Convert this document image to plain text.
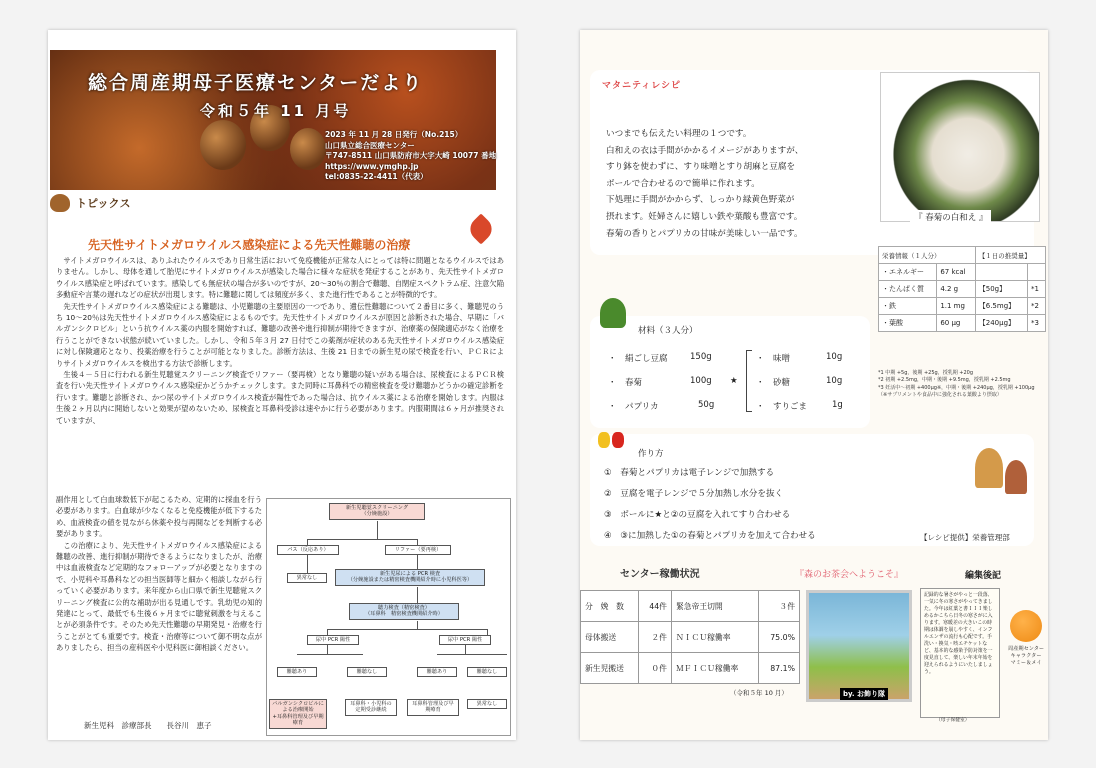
総合周産期母子医療センターだより
令和５年 11 月号
2023 年 11 月 28 日発行（No.215）
山口県立総合医療センター
〒747-8511 山口県防府市大字大崎 10077 番地
https://www.ymghp.jp
tel:0835-22-4411（代表）
トピックス
先天性サイトメガロウイルス感染症による先天性難聴の治療

　サイトメガロウイルスは、ありふれたウイルスであり日常生活において免疫機能が正常な人にとっては特に問題となるウイルスではありません。しかし、母体を通して胎児にサイトメガロウイルスが感染した場合に様々な症状を発症することがあり、先天性サイトメガロウイルス感染症と呼ばれています。感染しても無症状の場合が多いのですが、20～30％の割合で難聴、自閉症スペクトラム症、注意欠陥多動症や言葉の遅れなどの症状が出現します。特に難聴に関しては頻度が多く、また進行性であることが特徴的です。

　先天性サイトメガロウイルス感染症による難聴は、小児難聴の主要原因の一つであり、遺伝性難聴について２番目に多く、難聴児のうち 10～20％は先天性サイトメガロウイルス感染症によるものです。先天性サイトメガロウイルスが原因と診断された場合、早期に「バルガンシクロビル」という抗ウイルス薬の内服を開始すれば、難聴の改善や進行抑制が期待できますが、治療薬の保険適応がなく治療を行うことができない状態が続いていました。しかし、令和５年３月 27 日付でこの薬剤が症状のある先天性サイトメガロウイルス感染症に対し保険適応となり、投薬治療を行うことが可能となりました。診断方法は、生後 21 日までの新生児の尿で検査を行い、ＰＣＲによりサイトメガロウイルスを検出する方法で診断します。

　生後４－５日に行われる新生児聴覚スクリーニング検査でリファー（要再検）となり難聴の疑いがある場合は、尿検査によるＰＣＲ検査を行い先天性サイトメガロウイルス感染症かどうかチェックします。また同時に耳鼻科での精密検査を受け難聴かどうかの確定診断を行います。難聴と診断され、かつ尿のサイトメガロウイルス検査が陽性であった場合は、抗ウイルス薬による治療を開始します。内服は生後２ヶ月以内に開始しないと効果が望めないため、尿検査と耳鼻科受診は速やかに行う必要があります。内服期間は６ヶ月が推奨されていますが、

副作用として白血球数低下が起こるため、定期的に採血を行う必要があります。白血球が少なくなると免疫機能が低下するため、血液検査の値を見ながら休薬や投与再開などを判断する必要があります。

　この治療により、先天性サイトメガロウイルス感染症による難聴の改善、進行抑制が期待できるようになりましたが、治療中は血液検査など定期的なフォローアップが必要となりますので、小児科や耳鼻科などの担当医師等と細かく相談しながら行っていく必要があります。来年度から山口県で新生児聴覚スクリーニング検査に公的な補助が出る見通しです。乳幼児の知的発達にとって、最低でも生後６ヶ月までに聴覚刺激を与えることが必須条件です。そのため先天性難聴の早期発見・治療を行うことがとても重要です。検査・治療等について御不明な点がありましたら、担当の産科医や小児科医に御相談ください。

新生児聴覚スクリーニング
（分娩施設）
パス（反応あり）	リファー（要再検）
異常なし
新生児尿による PCR 検査
（分娩施設または精密検査機関紹介時に小児科医等）
聴力検査（精密検査）
（耳鼻科　精密検査機関紹介時）
尿中 PCR 陽性	尿中 PCR 陽性
難聴あり	難聴なし	難聴あり	難聴なし
バルガンシクロビルによる治療開始
+耳鼻科管理及び早期療育
耳鼻科・小児科の定期受診継続
耳鼻科管理及び早期療育
異常なし
新生児科　診療部長　　長谷川　恵子
マタニティレシピ
いつまでも伝えたい料理の１つです。
白和えの衣は手間がかかるイメージがありますが、
すり鉢を使わずに、すり味噌とすり胡麻と豆腐を
ボールで合わせるので簡単に作れます。
下処理に手間がかからず、しっかり緑黄色野菜が
摂れます。妊婦さんに嬉しい鉄や葉酸も豊富です。
春菊の香りとパプリカの甘味が美味しい一品です。
『 春菊の白和え 』
栄養情報（１人分）		【１日の推奨量】	
・エネルギー	67 kcal		
・たんぱく質	4.2 g	【50g】	*1
・鉄	1.1 mg	【6.5mg】	*2
・葉酸	60 μg	【240μg】	*3
*1 中期 +5g，後期 +25g，授乳期 +20g
*2 初期 +2.5mg，中期・後期 +9.5mg，授乳期 +2.5mg
*3 妊活中～初期 +400μg※，中期・後期 +240μg，授乳期 +100μg
（※サプリメントや食品中に強化される葉酸より摂取）
材料（３人分）
・　絹ごし豆腐	150g
・　春菊	100g
・　パプリカ	50g
★
・　味噌	10g
・　砂糖	10g
・　すりごま	1g
作り方
①　春菊とパプリカは電子レンジで加熱する
②　豆腐を電子レンジで５分加熱し水分を抜く
③　ボールに★と②の豆腐を入れてすり合わせる
④　③に加熱した①の春菊とパプリカを加えて合わせる	【レシピ提供】栄養管理部
センター稼働状況
分　娩　数	44件	緊急帝王切開	３件
母体搬送	２件	ＮＩＣＵ稼働率	75.0%
新生児搬送	０件	ＭＦＩＣＵ稼働率	87.1%
（令和５年 10 月）
『森のお茶会へようこそ』
by. お飾り隊
編集後記
記録的な暑さがやっと一段落、一気に冬の寒さがやってきました。今年は紅葉と書ＩＩＩ楽しめるかこちら日冬の寒さがに入ります。寒暖差の大きいこの時期は体調を崩しやすく、インフルエンザの流行も心配です。手洗い・換気・咳エチケットなど、基本的な感染予防対策を一度見直して、楽しい年末年始を迎えられるようにいたしましょう。
（母子保健室）
周産期センター
キャラクター
マミー＆メイ
